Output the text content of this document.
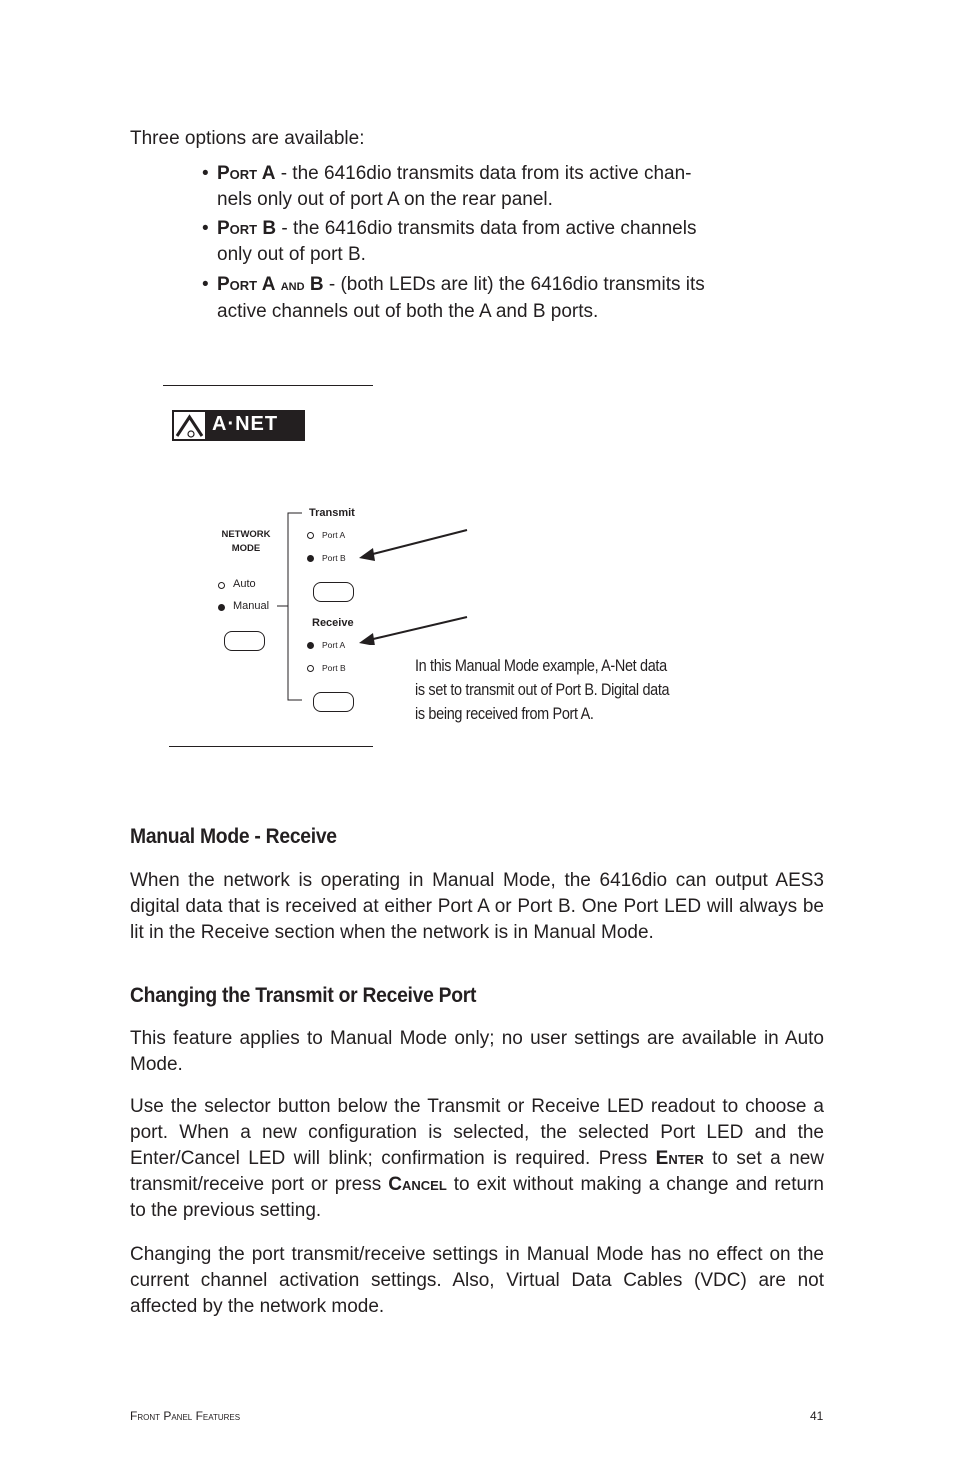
Three options are available:
• Port A - the 6416dio transmits data from its active chan-
nels only out of port A on the rear panel.
• Port B - the 6416dio transmits data from active channels
only out of port B.
• Port A and B - (both LEDs are lit) the 6416dio transmits its
active channels out of both the A and B ports.
A·NET
NETWORK
MODE
Auto
Manual
Transmit
Port A
Port B
Receive
Port A
Port B	In this Manual Mode example, A-Net data
is set to transmit out of Port B. Digital data
is being received from Port A.
Manual Mode - Receive
When the network is operating in Manual Mode, the 6416dio can output AES3 digital data that is received at either Port A or Port B. One Port LED will always be lit in the Receive section when the network is in Manual Mode.
Changing the Transmit or Receive Port
This feature applies to Manual Mode only; no user settings are available in Auto Mode.
Use the selector button below the Transmit or Receive LED readout to choose a port. When a new configuration is selected, the selected Port LED and the Enter/Cancel LED will blink; confirmation is required. Press Enter to set a new transmit/receive port or press Cancel to exit without making a change and return to the previous setting.
Changing the port transmit/receive settings in Manual Mode has no effect on the current channel activation settings. Also, Virtual Data Cables (VDC) are not affected by the network mode.
Front Panel Features	41
